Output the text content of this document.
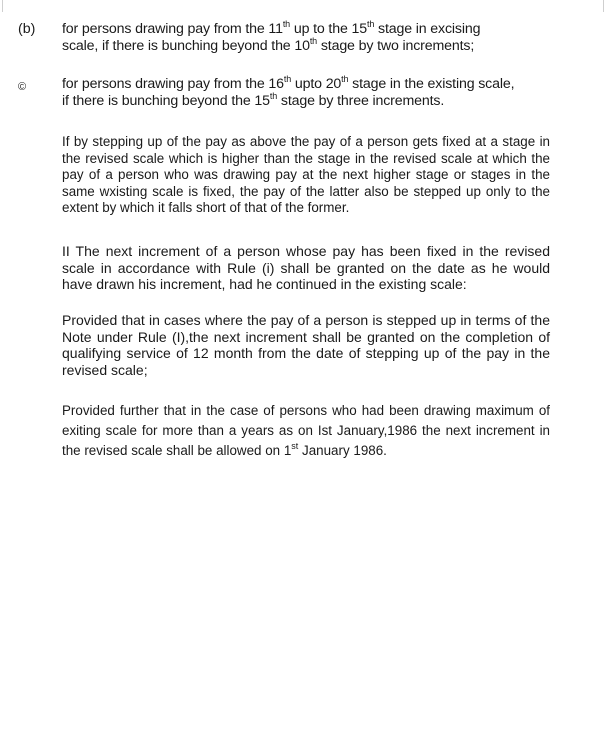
(b) for persons drawing pay from the 11th up to the 15th stage in excising
scale, if there is bunching beyond the 10th stage by two increments;
©	for persons drawing pay from the 16th upto 20th stage in the existing scale,
if there is bunching beyond the 15th stage by three increments.
If by stepping up of the pay as above the pay of a person gets fixed at a stage in the revised scale which is higher than the stage in the revised scale at which the pay of a person who was drawing pay at the next higher stage or stages in the same wxisting scale is fixed, the pay of the latter also be stepped up only to the extent by which it falls short of that of the former.
II The next increment of a person whose pay has been fixed in the revised scale in accordance with Rule (i) shall be granted on the date as he would have drawn his increment, had he continued in the existing scale:
Provided that in cases where the pay of a person is stepped up in terms of the Note under Rule (I),the next increment shall be granted on the completion of qualifying service of 12 month from the date of stepping up of the pay in the revised scale;
Provided further that in the case of persons who had been drawing maximum of exiting scale for more than a years as on Ist January,1986 the next increment in the revised scale shall be allowed on 1st January 1986.
